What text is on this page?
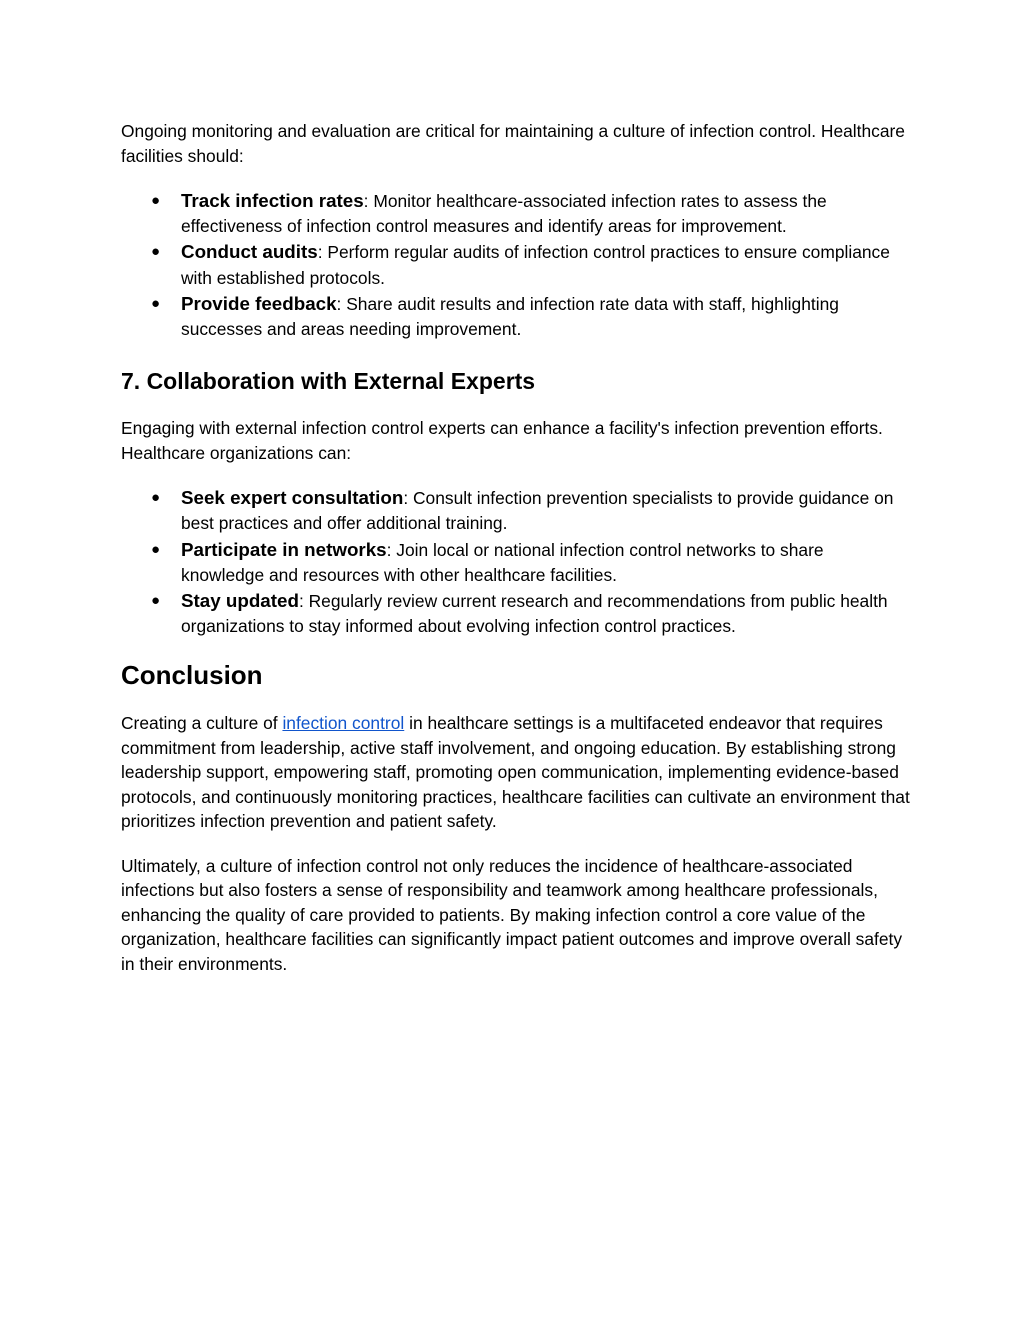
Ongoing monitoring and evaluation are critical for maintaining a culture of infection control. Healthcare facilities should:

● Track infection rates: Monitor healthcare-associated infection rates to assess the effectiveness of infection control measures and identify areas for improvement.
● Conduct audits: Perform regular audits of infection control practices to ensure compliance with established protocols.
● Provide feedback: Share audit results and infection rate data with staff, highlighting successes and areas needing improvement.
7. Collaboration with External Experts

Engaging with external infection control experts can enhance a facility's infection prevention efforts. Healthcare organizations can:

● Seek expert consultation: Consult infection prevention specialists to provide guidance on best practices and offer additional training.
● Participate in networks: Join local or national infection control networks to share knowledge and resources with other healthcare facilities.
● Stay updated: Regularly review current research and recommendations from public health organizations to stay informed about evolving infection control practices.
Conclusion

Creating a culture of infection control in healthcare settings is a multifaceted endeavor that requires commitment from leadership, active staff involvement, and ongoing education. By establishing strong leadership support, empowering staff, promoting open communication, implementing evidence-based protocols, and continuously monitoring practices, healthcare facilities can cultivate an environment that prioritizes infection prevention and patient safety.

Ultimately, a culture of infection control not only reduces the incidence of healthcare-associated infections but also fosters a sense of responsibility and teamwork among healthcare professionals, enhancing the quality of care provided to patients. By making infection control a core value of the organization, healthcare facilities can significantly impact patient outcomes and improve overall safety in their environments.
